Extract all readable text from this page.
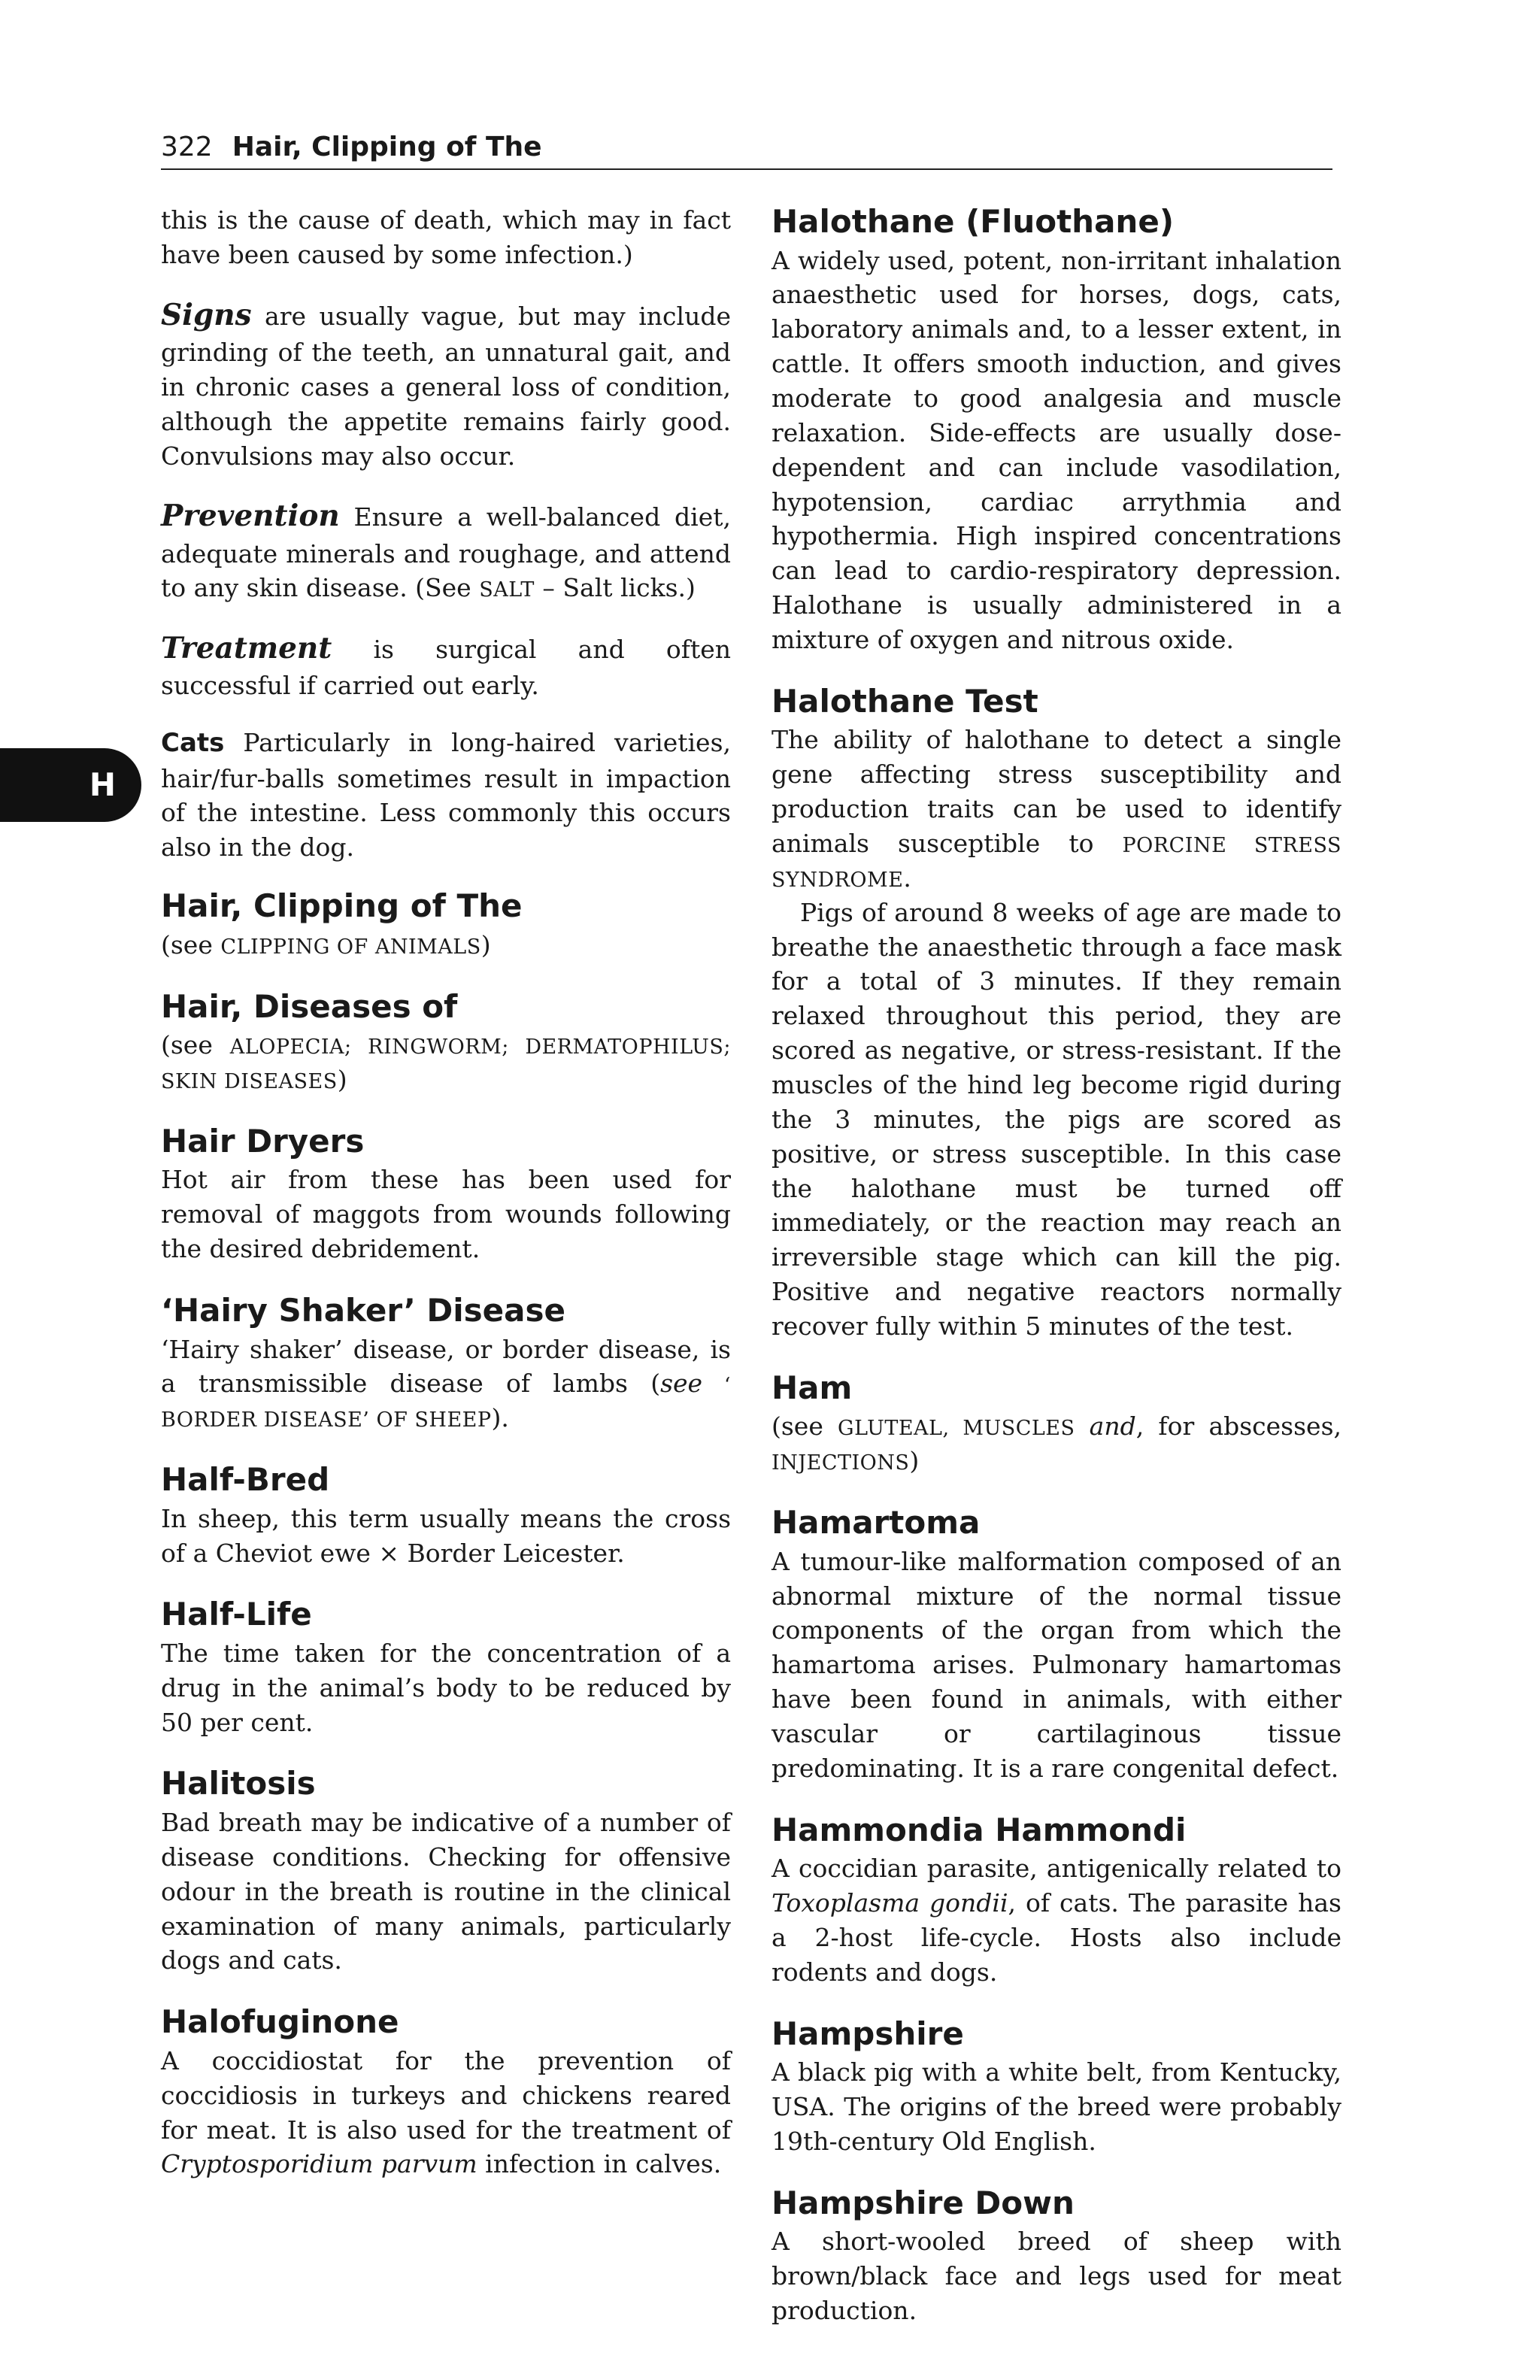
322 Hair, Clipping of The
H

this is the cause of death, which may in fact have been caused by some infection.)

Signs are usually vague, but may include grinding of the teeth, an unnatural gait, and in chronic cases a general loss of condition, although the appetite remains fairly good. Convulsions may also occur.

Prevention Ensure a well-balanced diet, adequate minerals and roughage, and attend to any skin disease. (See SALT – Salt licks.)

Treatment is surgical and often successful if carried out early.

Cats Particularly in long-haired varieties, hair/fur-balls sometimes result in impaction of the intestine. Less commonly this occurs also in the dog.

Hair, Clipping of The

(see CLIPPING OF ANIMALS)

Hair, Diseases of

(see ALOPECIA; RINGWORM; DERMATOPHILUS; SKIN DISEASES)

Hair Dryers

Hot air from these has been used for removal of maggots from wounds following the desired debridement.

‘Hairy Shaker’ Disease

‘Hairy shaker’ disease, or border disease, is a transmissible disease of lambs (see ‘ BORDER DISEASE’ OF SHEEP).

Half-Bred

In sheep, this term usually means the cross of a Cheviot ewe × Border Leicester.

Half-Life

The time taken for the concentration of a drug in the animal’s body to be reduced by 50 per cent.

Halitosis

Bad breath may be indicative of a number of disease conditions. Checking for offensive odour in the breath is routine in the clinical examination of many animals, particularly dogs and cats.

Halofuginone

A coccidiostat for the prevention of coccidiosis in turkeys and chickens reared for meat. It is also used for the treatment of Cryptosporidium parvum infection in calves.

Halothane (Fluothane)

A widely used, potent, non-irritant inhalation anaesthetic used for horses, dogs, cats, laboratory animals and, to a lesser extent, in cattle. It offers smooth induction, and gives moderate to good analgesia and muscle relaxation. Side-effects are usually dose-dependent and can include vasodilation, hypotension, cardiac arrythmia and hypothermia. High inspired concentrations can lead to cardio-respiratory depression. Halothane is usually administered in a mixture of oxygen and nitrous oxide.

Halothane Test

The ability of halothane to detect a single gene affecting stress susceptibility and production traits can be used to identify animals susceptible to PORCINE STRESS SYNDROME.

Pigs of around 8 weeks of age are made to breathe the anaesthetic through a face mask for a total of 3 minutes. If they remain relaxed throughout this period, they are scored as negative, or stress-resistant. If the muscles of the hind leg become rigid during the 3 minutes, the pigs are scored as positive, or stress susceptible. In this case the halothane must be turned off immediately, or the reaction may reach an irreversible stage which can kill the pig. Positive and negative reactors normally recover fully within 5 minutes of the test.

Ham

(see GLUTEAL, MUSCLES and, for abscesses, INJECTIONS)

Hamartoma

A tumour-like malformation composed of an abnormal mixture of the normal tissue components of the organ from which the hamartoma arises. Pulmonary hamartomas have been found in animals, with either vascular or cartilaginous tissue predominating. It is a rare congenital defect.

Hammondia Hammondi

A coccidian parasite, antigenically related to Toxoplasma gondii, of cats. The parasite has a 2-host life-cycle. Hosts also include rodents and dogs.

Hampshire

A black pig with a white belt, from Kentucky, USA. The origins of the breed were probably 19th-century Old English.

Hampshire Down

A short-wooled breed of sheep with brown/black face and legs used for meat production.
